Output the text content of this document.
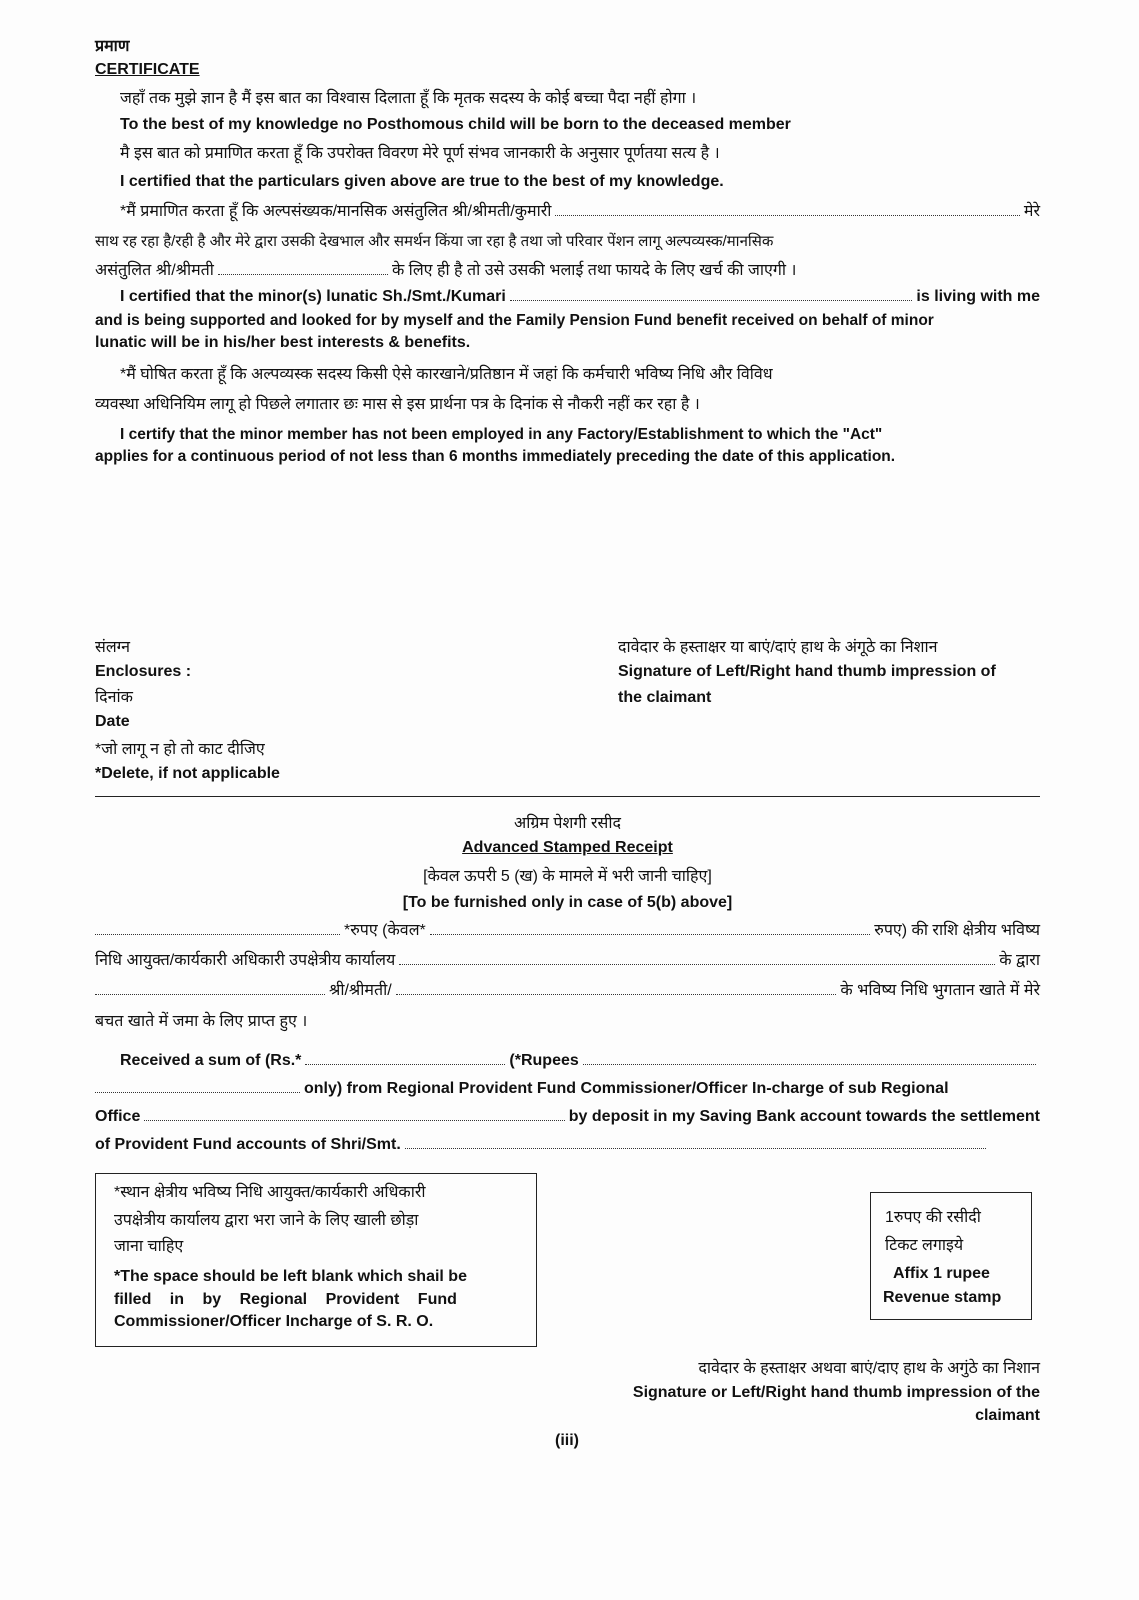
प्रमाण
CERTIFICATE
जहाँ तक मुझे ज्ञान है मैं इस बात का विश्वास दिलाता हूँ कि मृतक सदस्य के कोई बच्चा पैदा नहीं होगा ।
To the best of my knowledge no Posthomous child will be born to the deceased member
मै इस बात को प्रमाणित करता हूँ कि उपरोक्त विवरण मेरे पूर्ण संभव जानकारी के अनुसार पूर्णतया सत्य है ।
I certified that the particulars given above are true to the best of my knowledge.
*मैं प्रमाणित करता हूँ कि अल्पसंख्यक/मानसिक असंतुलित श्री/श्रीमती/कुमारी	मेरे
साथ रह रहा है/रही है और मेरे द्वारा उसकी देखभाल और समर्थन किंया जा रहा है तथा जो परिवार पेंशन लागू अल्पव्यस्क/मानसिक
असंतुलित श्री/श्रीमती	के लिए ही है तो उसे उसकी भलाई तथा फायदे के लिए खर्च की जाएगी ।
I certified that the minor(s) lunatic Sh./Smt./Kumari	is living with me
and is being supported and looked for by myself and the Family Pension Fund benefit received on behalf of minor
lunatic will be in his/her best interests & benefits.
*मैं घोषित करता हूँ कि अल्पव्यस्क सदस्य किसी ऐसे कारखाने/प्रतिष्ठान में जहां कि कर्मचारी भविष्य निधि और विविध
व्यवस्था अधिनियिम लागू हो पिछले लगातार छः मास से इस प्रार्थना पत्र के दिनांक से नौकरी नहीं कर रहा है ।
I certify that the minor member has not been employed in any Factory/Establishment to which the "Act"
applies for a continuous period of not less than 6 months immediately preceding the date of this application.
संलग्न
Enclosures :
दिनांक
Date
*जो लागू न हो तो काट दीजिए
*Delete, if not applicable
दावेदार के हस्ताक्षर या बाएं/दाएं हाथ के अंगूठे का निशान
Signature of Left/Right hand thumb impression of
the claimant
अग्रिम पेशगी रसीद
Advanced Stamped Receipt
[केवल ऊपरी 5 (ख) के मामले में भरी जानी चाहिए]
[To be furnished only in case of 5(b) above]
*रुपए (केवल*	रुपए) की राशि क्षेत्रीय भविष्य
निधि आयुक्त/कार्यकारी अधिकारी उपक्षेत्रीय कार्यालय	के द्वारा
श्री/श्रीमती/	के भविष्य निधि भुगतान खाते में मेरे
बचत खाते में जमा के लिए प्राप्त हुए ।
Received a sum of (Rs.*	(*Rupees
only) from Regional Provident Fund Commissioner/Officer In-charge of sub Regional
Office	by deposit in my Saving Bank account towards the settlement
of Provident Fund accounts of Shri/Smt.
*स्थान क्षेत्रीय भविष्य निधि आयुक्त/कार्यकारी अधिकारी
उपक्षेत्रीय कार्यालय द्वारा भरा जाने के लिए खाली छोड़ा
जाना चाहिए
*The space should be left blank which shail be
filled in by Regional Provident Fund
Commissioner/Officer Incharge of S. R. O.
1रुपए की रसीदी
टिकट लगाइये
Affix 1 rupee
Revenue stamp
दावेदार के हस्ताक्षर अथवा बाएं/दाए हाथ के अगुंठे का निशान
Signature or Left/Right hand thumb impression of the
claimant
(iii)
